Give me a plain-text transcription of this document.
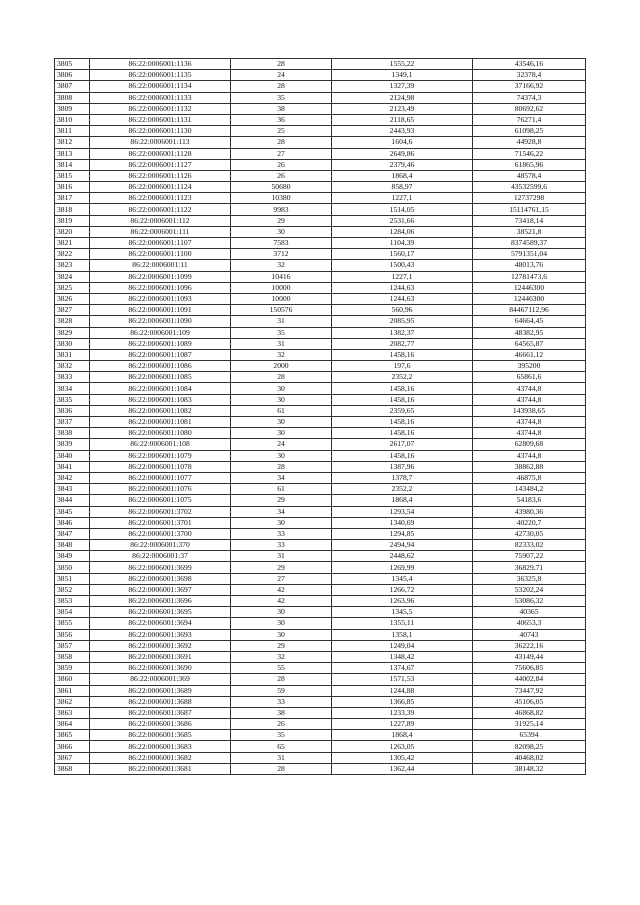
3805	86:22:0006001:1136	28	1555,22	43546,16
3806	86:22:0006001:1135	24	1349,1	32378,4
3807	86:22:0006001:1134	28	1327,39	37166,92
3808	86:22:0006001:1133	35	2124,98	74374,3
3809	86:22:0006001:1132	38	2123,49	80692,62
3810	86:22:0006001:1131	36	2118,65	76271,4
3811	86:22:0006001:1130	25	2443,93	61098,25
3812	86:22:0006001:113	28	1604,6	44928,8
3813	86:22:0006001:1128	27	2649,86	71546,22
3814	86:22:0006001:1127	26	2379,46	61865,96
3815	86:22:0006001:1126	26	1868,4	48578,4
3816	86:22:0006001:1124	50680	858,97	43532599,6
3817	86:22:0006001:1123	10380	1227,1	12737298
3818	86:22:0006001:1122	9983	1514,05	15114761,15
3819	86:22:0006001:112	29	2531,66	73418,14
3820	86:22:0006001:111	30	1284,06	38521,8
3821	86:22:0006001:1107	7583	1104,39	8374589,37
3822	86:22:0006001:1100	3712	1560,17	5791351,04
3823	86:22:0006001:11	32	1500,43	48013,76
3824	86:22:0006001:1099	10416	1227,1	12781473,6
3825	86:22:0006001:1096	10000	1244,63	12446300
3826	86:22:0006001:1093	10000	1244,63	12446300
3827	86:22:0006001:1091	150576	560,96	84467112,96
3828	86:22:0006001:1090	31	2085,95	64664,45
3829	86:22:0006001:109	35	1382,37	48382,95
3830	86:22:0006001:1089	31	2082,77	64565,87
3831	86:22:0006001:1087	32	1458,16	46661,12
3832	86:22:0006001:1086	2000	197,6	395200
3833	86:22:0006001:1085	28	2352,2	65861,6
3834	86:22:0006001:1084	30	1458,16	43744,8
3835	86:22:0006001:1083	30	1458,16	43744,8
3836	86:22:0006001:1082	61	2359,65	143938,65
3837	86:22:0006001:1081	30	1458,16	43744,8
3838	86:22:0006001:1080	30	1458,16	43744,8
3839	86:22:0006001:108	24	2617,07	62809,68
3840	86:22:0006001:1079	30	1458,16	43744,8
3841	86:22:0006001:1078	28	1387,96	38862,88
3842	86:22:0006001:1077	34	1378,7	46875,8
3843	86:22:0006001:1076	61	2352,2	143484,2
3844	86:22:0006001:1075	29	1868,4	54183,6
3845	86:22:0006001:3702	34	1293,54	43980,36
3846	86:22:0006001:3701	30	1340,69	40220,7
3847	86:22:0006001:3700	33	1294,85	42730,05
3848	86:22:0006001:370	33	2494,94	82333,02
3849	86:22:0006001:37	31	2448,62	75907,22
3850	86:22:0006001:3699	29	1269,99	36829,71
3851	86:22:0006001:3698	27	1345,4	36325,8
3852	86:22:0006001:3697	42	1266,72	53202,24
3853	86:22:0006001:3696	42	1263,96	53086,32
3854	86:22:0006001:3695	30	1345,5	40365
3855	86:22:0006001:3694	30	1355,11	40653,3
3856	86:22:0006001:3693	30	1358,1	40743
3857	86:22:0006001:3692	29	1249,04	36222,16
3858	86:22:0006001:3691	32	1348,42	43149,44
3859	86:22:0006001:3690	55	1374,67	75606,85
3860	86:22:0006001:369	28	1571,53	44002,84
3861	86:22:0006001:3689	59	1244,88	73447,92
3862	86:22:0006001:3688	33	1366,85	45106,05
3863	86:22:0006001:3687	38	1233,39	46868,82
3864	86:22:0006001:3686	26	1227,89	31925,14
3865	86:22:0006001:3685	35	1868,4	65394
3866	86:22:0006001:3683	65	1263,05	82098,25
3867	86:22:0006001:3682	31	1305,42	40468,02
3868	86:22:0006001:3681	28	1362,44	38148,32
